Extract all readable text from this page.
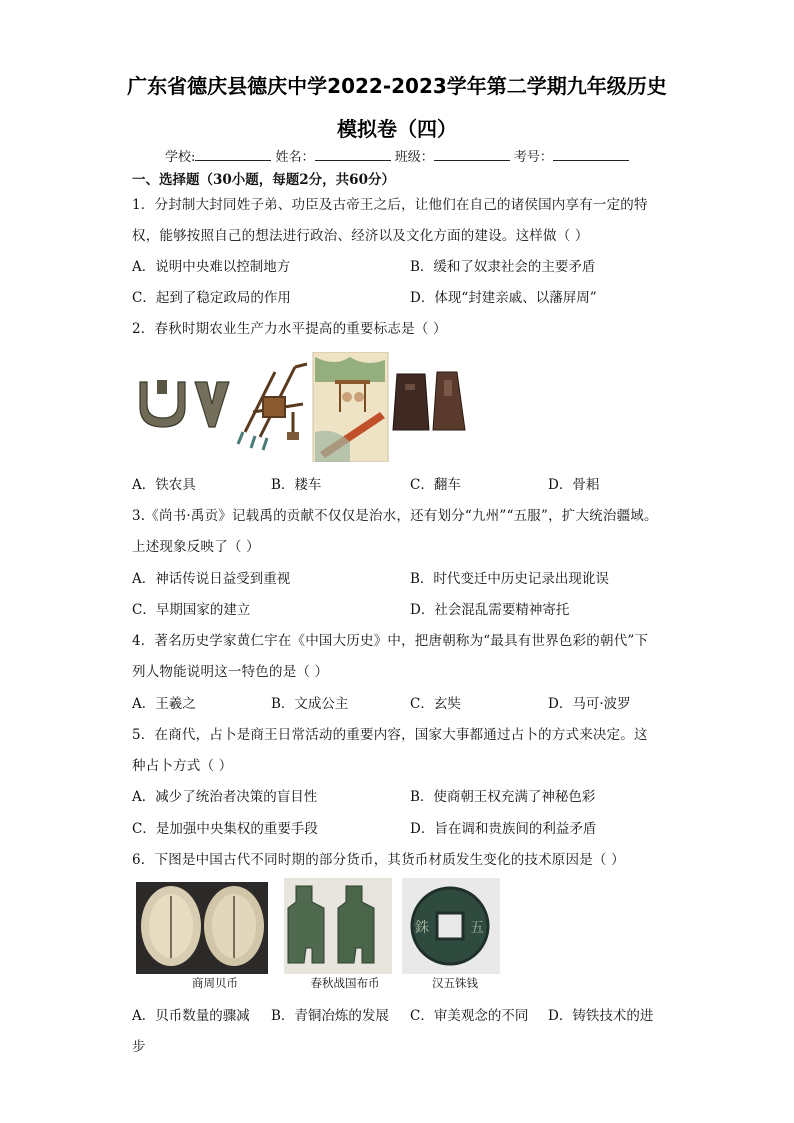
广东省德庆县德庆中学2022-2023学年第二学期九年级历史
模拟卷（四）
学校:	姓名：	班级：	考号：
一、选择题（30小题，每题2分，共60分）
1．分封制大封同姓子弟、功臣及古帝王之后，让他们在自己的诸侯国内享有一定的特
权，能够按照自己的想法进行政治、经济以及文化方面的建设。这样做（ ）
A．说明中央难以控制地方	B．缓和了奴隶社会的主要矛盾
C．起到了稳定政局的作用	D．体现“封建亲戚、以藩屏周”
2．春秋时期农业生产力水平提高的重要标志是（ ）
A．铁农具	B．耧车	C．翻车	D．骨耜
3.《尚书·禹贡》记载禹的贡献不仅仅是治水，还有划分“九州”“五服”，扩大统治疆域。
上述现象反映了（ ）
A．神话传说日益受到重视	B．时代变迁中历史记录出现讹误
C．早期国家的建立	D．社会混乱需要精神寄托
4．著名历史学家黄仁宇在《中国大历史》中，把唐朝称为“最具有世界色彩的朝代”下
列人物能说明这一特色的是（ ）
A．王羲之	B．文成公主	C．玄奘	D．马可·波罗
5．在商代，占卜是商王日常活动的重要内容，国家大事都通过占卜的方式来决定。这
种占卜方式（ ）
A．减少了统治者决策的盲目性	B．使商朝王权充满了神秘色彩
C．是加强中央集权的重要手段	D．旨在调和贵族间的利益矛盾
6．下图是中国古代不同时期的部分货币，其货币材质发生变化的技术原因是（ ）
五
銖
商周贝币	春秋战国布币	汉五铢钱
A．贝币数量的骤减 B．青铜冶炼的发展 C．审美观念的不同 D．铸铁技术的进
步
